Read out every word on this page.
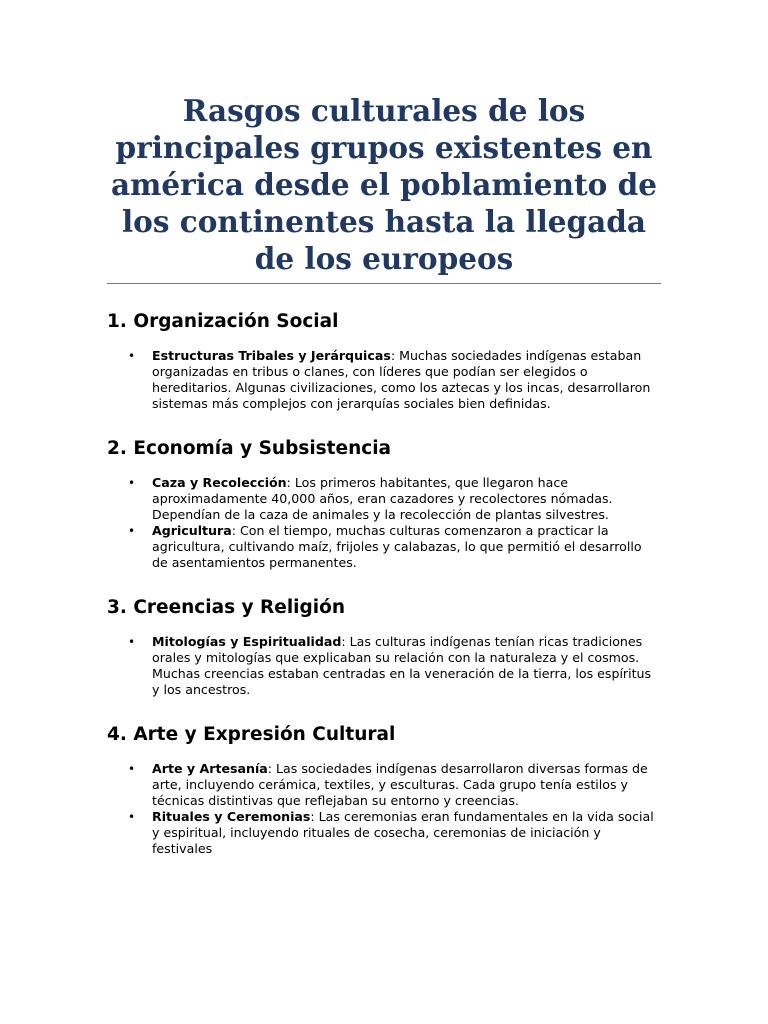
Rasgos culturales de los principales grupos existentes en américa desde el poblamiento de los continentes hasta la llegada de los europeos
1. Organización Social
• Estructuras Tribales y Jerárquicas: Muchas sociedades indígenas estaban organizadas en tribus o clanes, con líderes que podían ser elegidos o hereditarios. Algunas civilizaciones, como los aztecas y los incas, desarrollaron sistemas más complejos con jerarquías sociales bien definidas.
2. Economía y Subsistencia
• Caza y Recolección: Los primeros habitantes, que llegaron hace aproximadamente 40,000 años, eran cazadores y recolectores nómadas. Dependían de la caza de animales y la recolección de plantas silvestres.
• Agricultura: Con el tiempo, muchas culturas comenzaron a practicar la agricultura, cultivando maíz, frijoles y calabazas, lo que permitió el desarrollo de asentamientos permanentes.
3. Creencias y Religión
• Mitologías y Espiritualidad: Las culturas indígenas tenían ricas tradiciones orales y mitologías que explicaban su relación con la naturaleza y el cosmos. Muchas creencias estaban centradas en la veneración de la tierra, los espíritus y los ancestros.
4. Arte y Expresión Cultural
• Arte y Artesanía: Las sociedades indígenas desarrollaron diversas formas de arte, incluyendo cerámica, textiles, y esculturas. Cada grupo tenía estilos y técnicas distintivas que reflejaban su entorno y creencias.
• Rituales y Ceremonias: Las ceremonias eran fundamentales en la vida social y espiritual, incluyendo rituales de cosecha, ceremonias de iniciación y festivales
